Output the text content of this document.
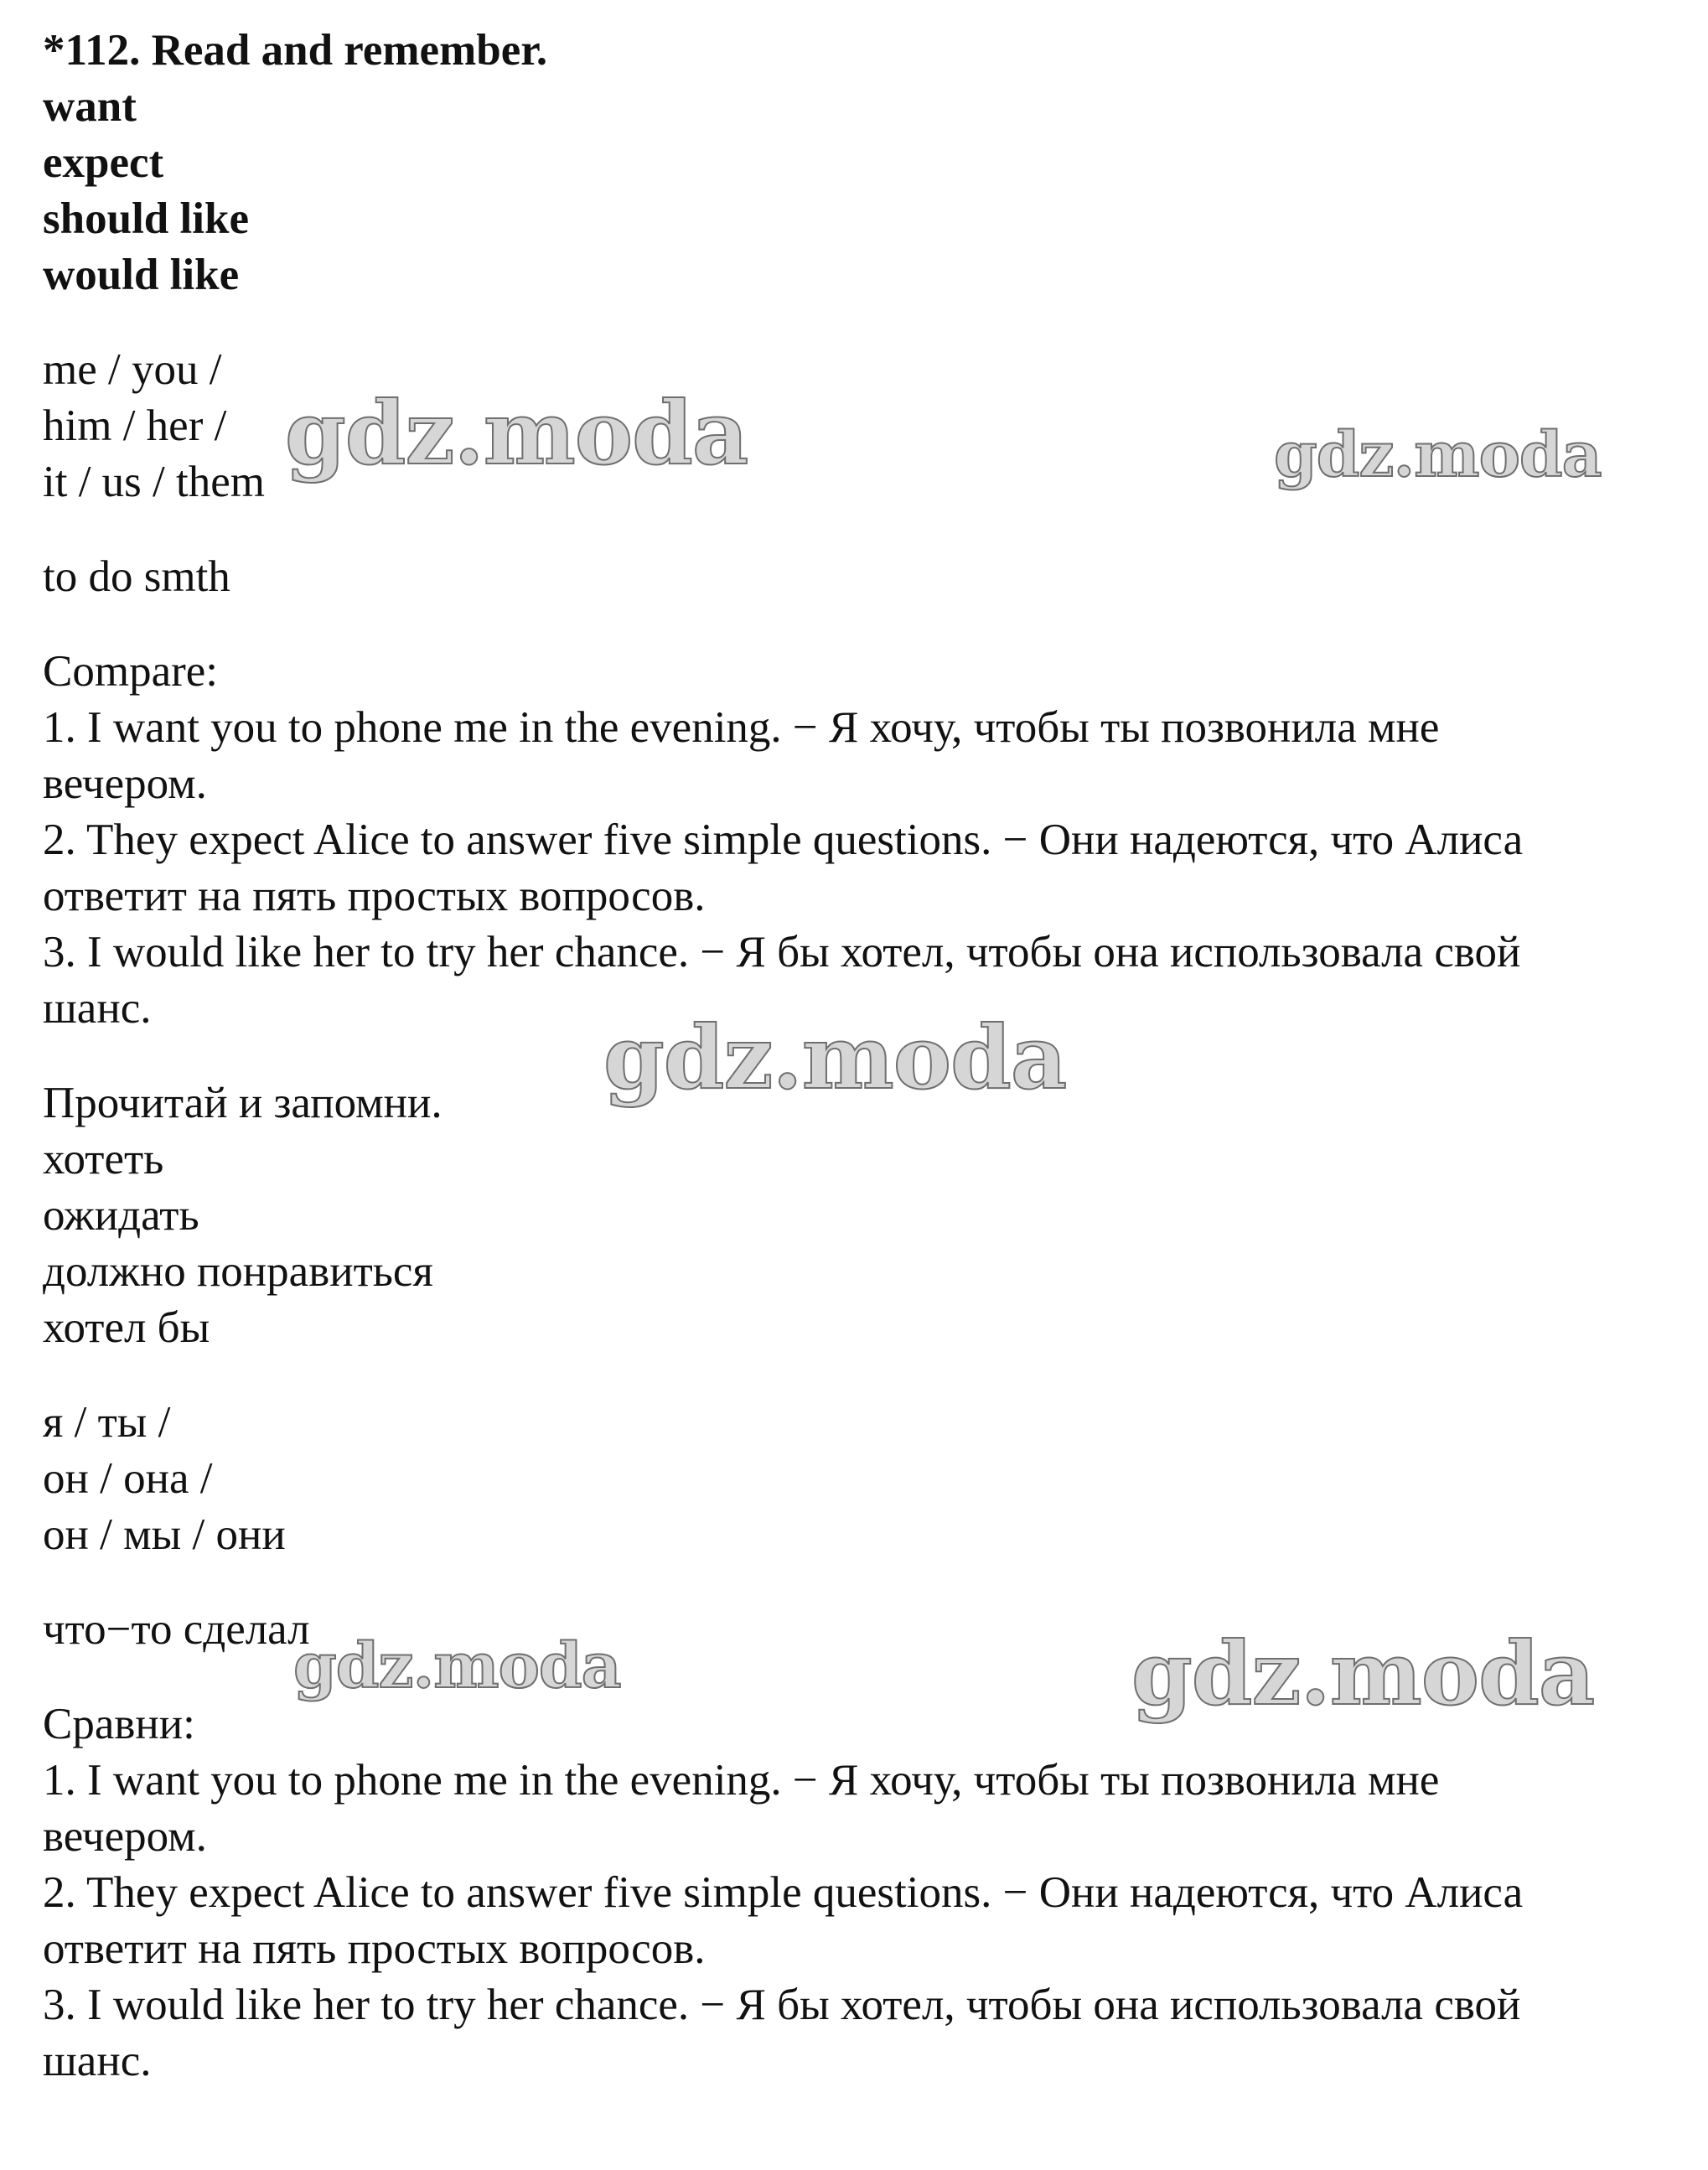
*112. Read and remember.
want
expect
should like
would like
me / you /
him / her /
it / us / them
to do smth
Compare:
1. I want you to phone me in the evening. − Я хочу, чтобы ты позвонила мне
вечером.
2. They expect Alice to answer five simple questions. − Они надеются, что Алиса
ответит на пять простых вопросов.
3. I would like her to try her chance. − Я бы хотел, чтобы она использовала свой
шанс.
Прочитай и запомни.
хотеть
ожидать
должно понравиться
хотел бы
я / ты /
он / она /
он / мы / они
что−то сделал
Сравни:
1. I want you to phone me in the evening. − Я хочу, чтобы ты позвонила мне
вечером.
2. They expect Alice to answer five simple questions. − Они надеются, что Алиса
ответит на пять простых вопросов.
3. I would like her to try her chance. − Я бы хотел, чтобы она использовала свой
шанс.
gdz.moda	gdz.moda
gdz.moda
gdz.moda	gdz.moda
